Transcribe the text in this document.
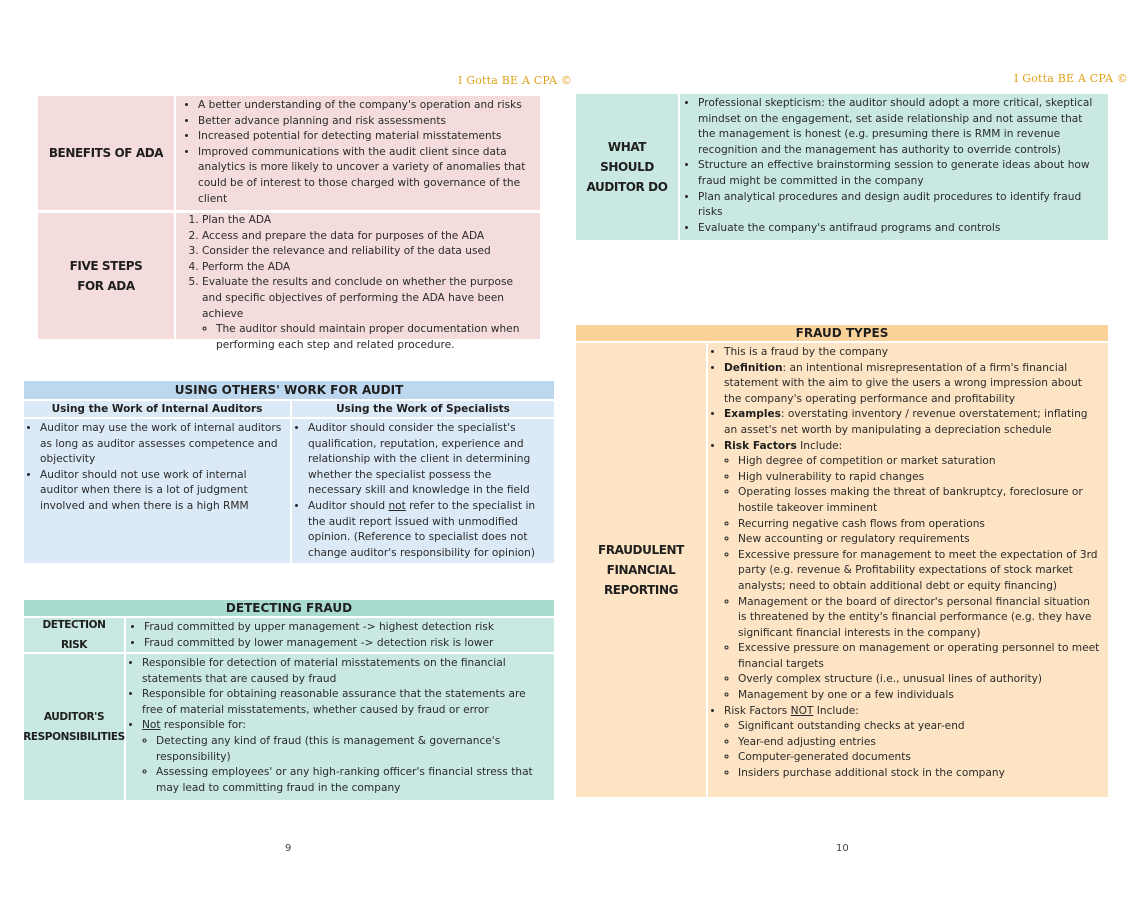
I Gotta BE A CPA ©	I Gotta BE A CPA ©
BENEFITS OF ADA
• A better understanding of the company's operation and risks
• Better advance planning and risk assessments
• Increased potential for detecting material misstatements
• Improved communications with the audit client since data analytics is more likely to uncover a variety of anomalies that could be of interest to those charged with governance of the client
FIVE STEPS
FOR ADA
1. Plan the ADA
2. Access and prepare the data for purposes of the ADA
3. Consider the relevance and reliability of the data used
4. Perform the ADA
5. Evaluate the results and conclude on whether the purpose and specific objectives of performing the ADA have been achieve
◦ The auditor should maintain proper documentation when performing each step and related procedure.
USING OTHERS' WORK FOR AUDIT
Using the Work of Internal Auditors	Using the Work of Specialists
• Auditor may use the work of internal auditors as long as auditor assesses competence and objectivity
• Auditor should not use work of internal auditor when there is a lot of judgment involved and when there is a high RMM
• Auditor should consider the specialist's qualification, reputation, experience and relationship with the client in determining whether the specialist possess the necessary skill and knowledge in the field
• Auditor should not refer to the specialist in the audit report issued with unmodified opinion. (Reference to specialist does not change auditor's responsibility for opinion)
DETECTING FRAUD
DETECTION RISK
• Fraud committed by upper management -> highest detection risk
• Fraud committed by lower management -> detection risk is lower
AUDITOR'S
RESPONSIBILITIES
• Responsible for detection of material misstatements on the financial statements that are caused by fraud
• Responsible for obtaining reasonable assurance that the statements are free of material misstatements, whether caused by fraud or error
• Not responsible for:
◦ Detecting any kind of fraud (this is management & governance's responsibility)
◦ Assessing employees' or any high-ranking officer's financial stress that may lead to committing fraud in the company
9
WHAT SHOULD
AUDITOR DO
• Professional skepticism: the auditor should adopt a more critical, skeptical mindset on the engagement, set aside relationship and not assume that the management is honest (e.g. presuming there is RMM in revenue recognition and the management has authority to override controls)
• Structure an effective brainstorming session to generate ideas about how fraud might be committed in the company
• Plan analytical procedures and design audit procedures to identify fraud risks
• Evaluate the company's antifraud programs and controls
FRAUD TYPES
FRAUDULENT
FINANCIAL
REPORTING
• This is a fraud by the company
• Definition: an intentional misrepresentation of a firm's financial statement with the aim to give the users a wrong impression about the company's operating performance and profitability
• Examples: overstating inventory / revenue overstatement; inflating an asset's net worth by manipulating a depreciation schedule
• Risk Factors Include:
◦ High degree of competition or market saturation
◦ High vulnerability to rapid changes
◦ Operating losses making the threat of bankruptcy, foreclosure or hostile takeover imminent
◦ Recurring negative cash flows from operations
◦ New accounting or regulatory requirements
◦ Excessive pressure for management to meet the expectation of 3rd party (e.g. revenue & Profitability expectations of stock market analysts; need to obtain additional debt or equity financing)
◦ Management or the board of director's personal financial situation is threatened by the entity's financial performance (e.g. they have significant financial interests in the company)
◦ Excessive pressure on management or operating personnel to meet financial targets
◦ Overly complex structure (i.e., unusual lines of authority)
◦ Management by one or a few individuals
• Risk Factors NOT Include:
◦ Significant outstanding checks at year-end
◦ Year-end adjusting entries
◦ Computer-generated documents
◦ Insiders purchase additional stock in the company
10
